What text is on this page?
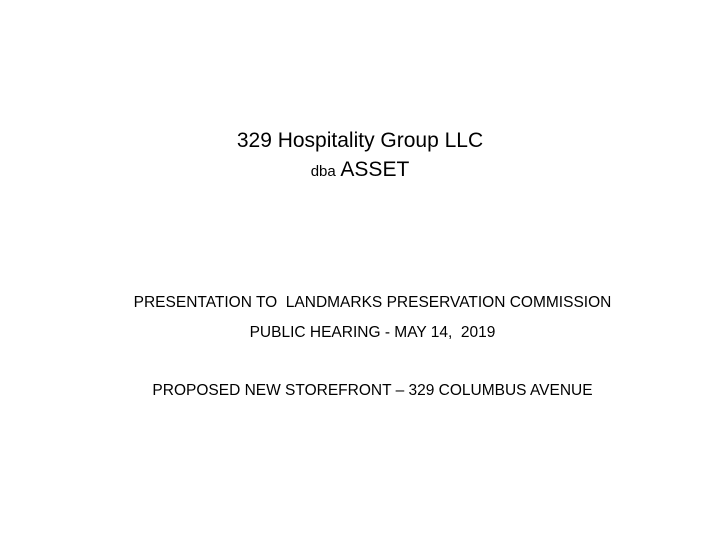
329 Hospitality Group LLC
dba ASSET
PRESENTATION TO  LANDMARKS PRESERVATION COMMISSION
PUBLIC HEARING - MAY 14,  2019
PROPOSED NEW STOREFRONT – 329 COLUMBUS AVENUE
